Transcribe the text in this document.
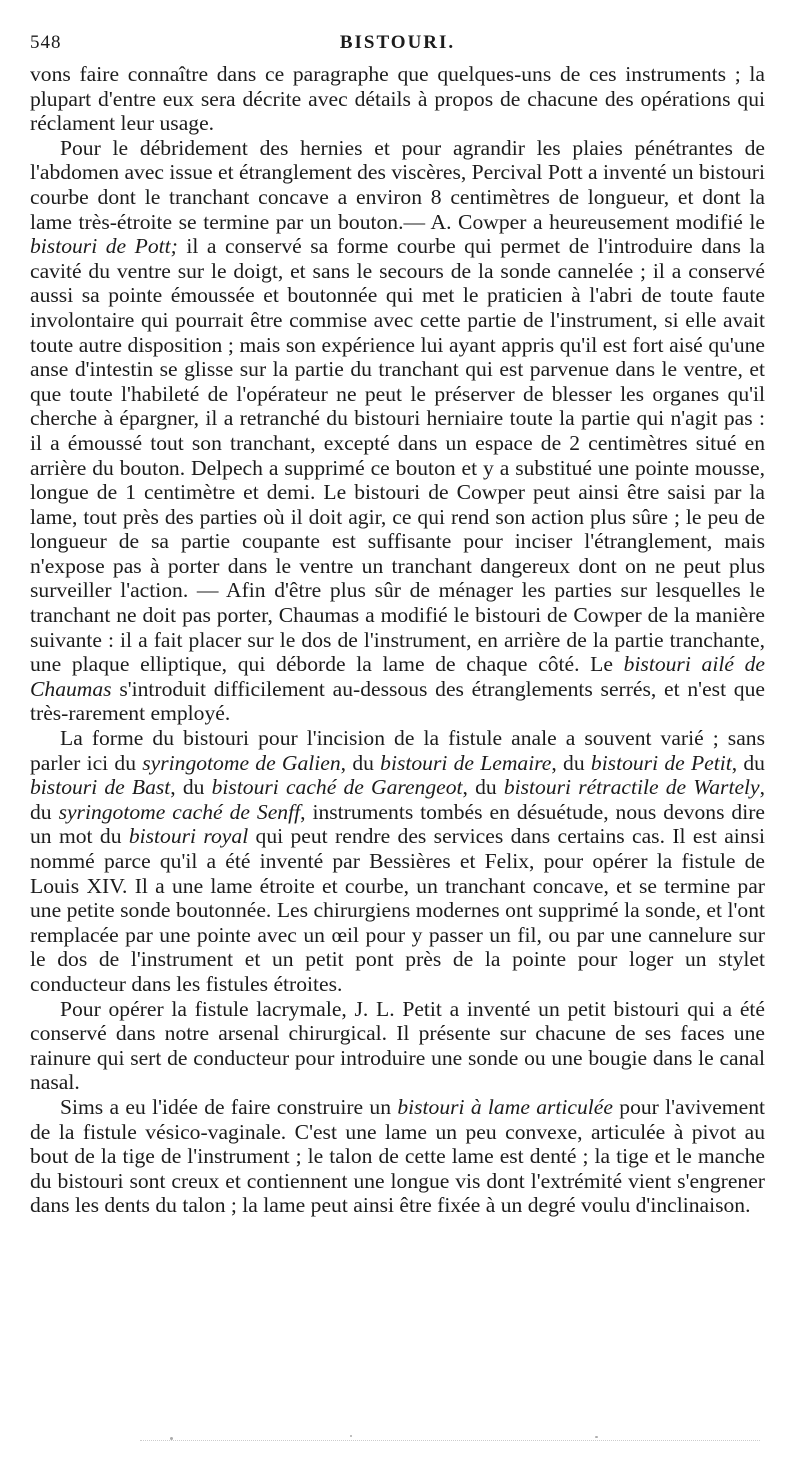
548	BISTOURI.

vons faire connaître dans ce paragraphe que quelques-uns de ces instruments ; la plupart d'entre eux sera décrite avec détails à propos de chacune des opérations qui réclament leur usage.

Pour le débridement des hernies et pour agrandir les plaies pénétrantes de l'abdomen avec issue et étranglement des viscères, Percival Pott a inventé un bistouri courbe dont le tranchant concave a environ 8 centimètres de longueur, et dont la lame très-étroite se termine par un bouton.— A. Cowper a heureusement modifié le bistouri de Pott; il a conservé sa forme courbe qui permet de l'introduire dans la cavité du ventre sur le doigt, et sans le secours de la sonde cannelée ; il a conservé aussi sa pointe émoussée et boutonnée qui met le praticien à l'abri de toute faute involontaire qui pourrait être commise avec cette partie de l'instrument, si elle avait toute autre disposition ; mais son expérience lui ayant appris qu'il est fort aisé qu'une anse d'intestin se glisse sur la partie du tranchant qui est parvenue dans le ventre, et que toute l'habileté de l'opérateur ne peut le préserver de blesser les organes qu'il cherche à épargner, il a retranché du bistouri herniaire toute la partie qui n'agit pas : il a émoussé tout son tranchant, excepté dans un espace de 2 centimètres situé en arrière du bouton. Delpech a supprimé ce bouton et y a substitué une pointe mousse, longue de 1 centimètre et demi. Le bistouri de Cowper peut ainsi être saisi par la lame, tout près des parties où il doit agir, ce qui rend son action plus sûre ; le peu de longueur de sa partie coupante est suffisante pour inciser l'étranglement, mais n'expose pas à porter dans le ventre un tranchant dangereux dont on ne peut plus surveiller l'action. — Afin d'être plus sûr de ménager les parties sur lesquelles le tranchant ne doit pas porter, Chaumas a modifié le bistouri de Cowper de la manière suivante : il a fait placer sur le dos de l'instrument, en arrière de la partie tranchante, une plaque elliptique, qui déborde la lame de chaque côté. Le bistouri ailé de Chaumas s'introduit difficilement au-dessous des étranglements serrés, et n'est que très-rarement employé.

La forme du bistouri pour l'incision de la fistule anale a souvent varié ; sans parler ici du syringotome de Galien, du bistouri de Lemaire, du bistouri de Petit, du bistouri de Bast, du bistouri caché de Garengeot, du bistouri rétractile de Wartely, du syringotome caché de Senff, instruments tombés en désuétude, nous devons dire un mot du bistouri royal qui peut rendre des services dans certains cas. Il est ainsi nommé parce qu'il a été inventé par Bessières et Felix, pour opérer la fistule de Louis XIV. Il a une lame étroite et courbe, un tranchant concave, et se termine par une petite sonde boutonnée. Les chirurgiens modernes ont supprimé la sonde, et l'ont remplacée par une pointe avec un œil pour y passer un fil, ou par une cannelure sur le dos de l'instrument et un petit pont près de la pointe pour loger un stylet conducteur dans les fistules étroites.

Pour opérer la fistule lacrymale, J. L. Petit a inventé un petit bistouri qui a été conservé dans notre arsenal chirurgical. Il présente sur chacune de ses faces une rainure qui sert de conducteur pour introduire une sonde ou une bougie dans le canal nasal.

Sims a eu l'idée de faire construire un bistouri à lame articulée pour l'avivement de la fistule vésico-vaginale. C'est une lame un peu convexe, articulée à pivot au bout de la tige de l'instrument ; le talon de cette lame est denté ; la tige et le manche du bistouri sont creux et contiennent une longue vis dont l'extrémité vient s'engrener dans les dents du talon ; la lame peut ainsi être fixée à un degré voulu d'inclinaison.
